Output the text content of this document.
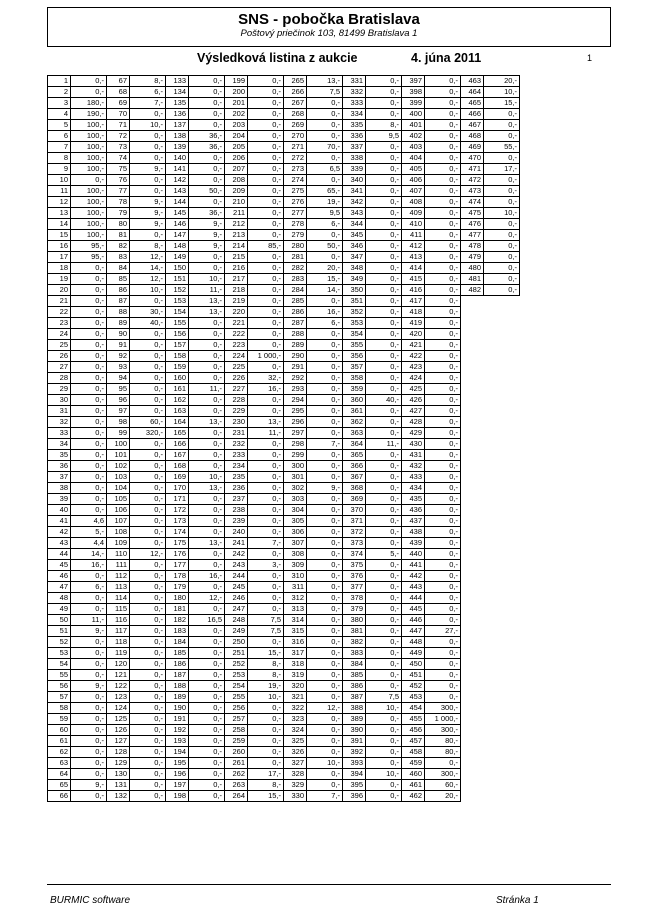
SNS - pobočka Bratislava
Poštový priečinok 103, 81499 Bratislava 1
Výsledková listina z aukcie	4. júna 2011	1
1	0,-	67	8,-	133	0,-	199	0,-	265	13,-	331	0,-	397	0,-	463	20,-
2	0,-	68	6,-	134	0,-	200	0,-	266	7,5	332	0,-	398	0,-	464	10,-
3	180,-	69	7,-	135	0,-	201	0,-	267	0,-	333	0,-	399	0,-	465	15,-
4	190,-	70	0,-	136	0,-	202	0,-	268	0,-	334	0,-	400	0,-	466	0,-
5	100,-	71	10,-	137	0,-	203	0,-	269	0,-	335	8,-	401	0,-	467	0,-
6	100,-	72	0,-	138	36,-	204	0,-	270	0,-	336	9,5	402	0,-	468	0,-
7	100,-	73	0,-	139	36,-	205	0,-	271	70,-	337	0,-	403	0,-	469	55,-
8	100,-	74	0,-	140	0,-	206	0,-	272	0,-	338	0,-	404	0,-	470	0,-
9	100,-	75	9,-	141	0,-	207	0,-	273	6,5	339	0,-	405	0,-	471	17,-
10	0,-	76	0,-	142	0,-	208	0,-	274	0,-	340	0,-	406	0,-	472	0,-
11	100,-	77	0,-	143	50,-	209	0,-	275	65,-	341	0,-	407	0,-	473	0,-
12	100,-	78	9,-	144	0,-	210	0,-	276	19,-	342	0,-	408	0,-	474	0,-
13	100,-	79	9,-	145	36,-	211	0,-	277	9,5	343	0,-	409	0,-	475	10,-
14	100,-	80	9,-	146	9,-	212	0,-	278	6,-	344	0,-	410	0,-	476	0,-
15	100,-	81	0,-	147	9,-	213	0,-	279	0,-	345	0,-	411	0,-	477	0,-
16	95,-	82	8,-	148	9,-	214	85,-	280	50,-	346	0,-	412	0,-	478	0,-
17	95,-	83	12,-	149	0,-	215	0,-	281	0,-	347	0,-	413	0,-	479	0,-
18	0,-	84	14,-	150	0,-	216	0,-	282	20,-	348	0,-	414	0,-	480	0,-
19	0,-	85	12,-	151	10,-	217	0,-	283	15,-	349	0,-	415	0,-	481	0,-
20	0,-	86	10,-	152	11,-	218	0,-	284	14,-	350	0,-	416	0,-	482	0,-
21	0,-	87	0,-	153	13,-	219	0,-	285	0,-	351	0,-	417	0,-		
22	0,-	88	30,-	154	13,-	220	0,-	286	16,-	352	0,-	418	0,-		
23	0,-	89	40,-	155	0,-	221	0,-	287	6,-	353	0,-	419	0,-		
24	0,-	90	0,-	156	0,-	222	0,-	288	0,-	354	0,-	420	0,-		
25	0,-	91	0,-	157	0,-	223	0,-	289	0,-	355	0,-	421	0,-		
26	0,-	92	0,-	158	0,-	224	1 000,-	290	0,-	356	0,-	422	0,-		
27	0,-	93	0,-	159	0,-	225	0,-	291	0,-	357	0,-	423	0,-		
28	0,-	94	0,-	160	0,-	226	32,-	292	0,-	358	0,-	424	0,-		
29	0,-	95	0,-	161	11,-	227	16,-	293	0,-	359	0,-	425	0,-		
30	0,-	96	0,-	162	0,-	228	0,-	294	0,-	360	40,-	426	0,-		
31	0,-	97	0,-	163	0,-	229	0,-	295	0,-	361	0,-	427	0,-		
32	0,-	98	60,-	164	13,-	230	13,-	296	0,-	362	0,-	428	0,-		
33	0,-	99	320,-	165	0,-	231	11,-	297	0,-	363	0,-	429	0,-		
34	0,-	100	0,-	166	0,-	232	0,-	298	7,-	364	11,-	430	0,-		
35	0,-	101	0,-	167	0,-	233	0,-	299	0,-	365	0,-	431	0,-		
36	0,-	102	0,-	168	0,-	234	0,-	300	0,-	366	0,-	432	0,-		
37	0,-	103	0,-	169	10,-	235	0,-	301	0,-	367	0,-	433	0,-		
38	0,-	104	0,-	170	13,-	236	0,-	302	9,-	368	0,-	434	0,-		
39	0,-	105	0,-	171	0,-	237	0,-	303	0,-	369	0,-	435	0,-		
40	0,-	106	0,-	172	0,-	238	0,-	304	0,-	370	0,-	436	0,-		
41	4,6	107	0,-	173	0,-	239	0,-	305	0,-	371	0,-	437	0,-		
42	5,-	108	0,-	174	0,-	240	0,-	306	0,-	372	0,-	438	0,-		
43	4,4	109	0,-	175	13,-	241	7,-	307	0,-	373	0,-	439	0,-		
44	14,-	110	12,-	176	0,-	242	0,-	308	0,-	374	5,-	440	0,-		
45	16,-	111	0,-	177	0,-	243	3,-	309	0,-	375	0,-	441	0,-		
46	0,-	112	0,-	178	16,-	244	0,-	310	0,-	376	0,-	442	0,-		
47	6,-	113	0,-	179	0,-	245	0,-	311	0,-	377	0,-	443	0,-		
48	0,-	114	0,-	180	12,-	246	0,-	312	0,-	378	0,-	444	0,-		
49	0,-	115	0,-	181	0,-	247	0,-	313	0,-	379	0,-	445	0,-		
50	11,-	116	0,-	182	16,5	248	7,5	314	0,-	380	0,-	446	0,-		
51	9,-	117	0,-	183	0,-	249	7,5	315	0,-	381	0,-	447	27,-		
52	0,-	118	0,-	184	0,-	250	0,-	316	0,-	382	0,-	448	0,-		
53	0,-	119	0,-	185	0,-	251	15,-	317	0,-	383	0,-	449	0,-		
54	0,-	120	0,-	186	0,-	252	8,-	318	0,-	384	0,-	450	0,-		
55	0,-	121	0,-	187	0,-	253	8,-	319	0,-	385	0,-	451	0,-		
56	9,-	122	0,-	188	0,-	254	19,-	320	0,-	386	0,-	452	0,-		
57	0,-	123	0,-	189	0,-	255	10,-	321	0,-	387	7,5	453	0,-		
58	0,-	124	0,-	190	0,-	256	0,-	322	12,-	388	10,-	454	300,-		
59	0,-	125	0,-	191	0,-	257	0,-	323	0,-	389	0,-	455	1 000,-		
60	0,-	126	0,-	192	0,-	258	0,-	324	0,-	390	0,-	456	300,-		
61	0,-	127	0,-	193	0,-	259	0,-	325	0,-	391	0,-	457	80,-		
62	0,-	128	0,-	194	0,-	260	0,-	326	0,-	392	0,-	458	80,-		
63	0,-	129	0,-	195	0,-	261	0,-	327	10,-	393	0,-	459	0,-		
64	0,-	130	0,-	196	0,-	262	17,-	328	0,-	394	10,-	460	300,-		
65	9,-	131	0,-	197	0,-	263	8,-	329	0,-	395	0,-	461	60,-		
66	0,-	132	0,-	198	0,-	264	15,-	330	7,-	396	0,-	462	20,-		
BURMIC software	Stránka 1
